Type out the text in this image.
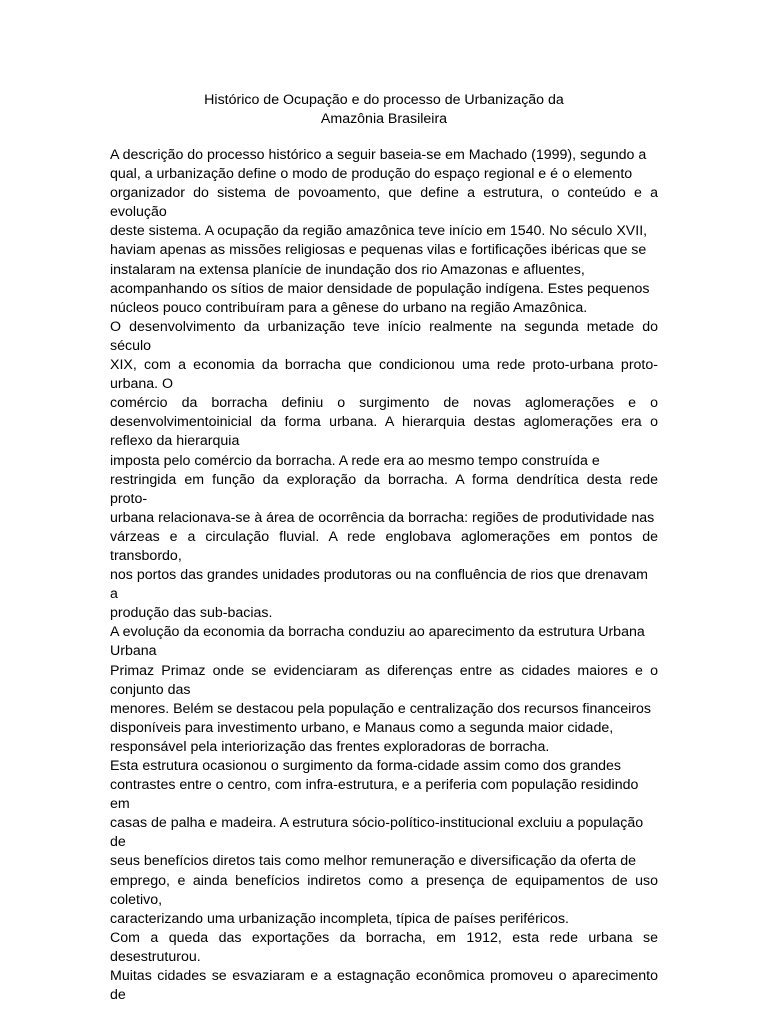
Histórico de Ocupação e do processo de Urbanização da
Amazônia Brasileira
A descrição do processo histórico a seguir baseia-se em Machado (1999), segundo a
qual, a urbanização define o modo de produção do espaço regional e é o elemento
organizador do sistema de povoamento, que define a estrutura, o conteúdo e a
evolução
deste sistema. A ocupação da região amazônica teve início em 1540. No século XVII,
haviam apenas as missões religiosas e pequenas vilas e fortificações ibéricas que se
instalaram na extensa planície de inundação dos rio Amazonas e afluentes,
acompanhando os sítios de maior densidade de população indígena. Estes pequenos
núcleos pouco contribuíram para a gênese do urbano na região Amazônica.
O desenvolvimento da urbanização teve início realmente na segunda metade do
século
XIX, com a economia da borracha que condicionou uma rede proto-urbana proto-
urbana. O
comércio da borracha definiu o surgimento de novas aglomerações e o
desenvolvimentoinicial da forma urbana. A hierarquia destas aglomerações era o
reflexo da hierarquia
imposta pelo comércio da borracha. A rede era ao mesmo tempo construída e
restringida em função da exploração da borracha. A forma dendrítica desta rede
proto-
urbana relacionava-se à área de ocorrência da borracha: regiões de produtividade nas
várzeas e a circulação fluvial. A rede englobava aglomerações em pontos de
transbordo,
nos portos das grandes unidades produtoras ou na confluência de rios que drenavam
a
produção das sub-bacias.
A evolução da economia da borracha conduziu ao aparecimento da estrutura Urbana
Urbana
Primaz Primaz onde se evidenciaram as diferenças entre as cidades maiores e o
conjunto das
menores. Belém se destacou pela população e centralização dos recursos financeiros
disponíveis para investimento urbano, e Manaus como a segunda maior cidade,
responsável pela interiorização das frentes exploradoras de borracha.
Esta estrutura ocasionou o surgimento da forma-cidade assim como dos grandes
contrastes entre o centro, com infra-estrutura, e a periferia com população residindo
em
casas de palha e madeira. A estrutura sócio-político-institucional excluiu a população
de
seus benefícios diretos tais como melhor remuneração e diversificação da oferta de
emprego, e ainda benefícios indiretos como a presença de equipamentos de uso
coletivo,
caracterizando uma urbanização incompleta, típica de países periféricos.
Com a queda das exportações da borracha, em 1912, esta rede urbana se
desestruturou.
Muitas cidades se esvaziaram e a estagnação econômica promoveu o aparecimento
de
